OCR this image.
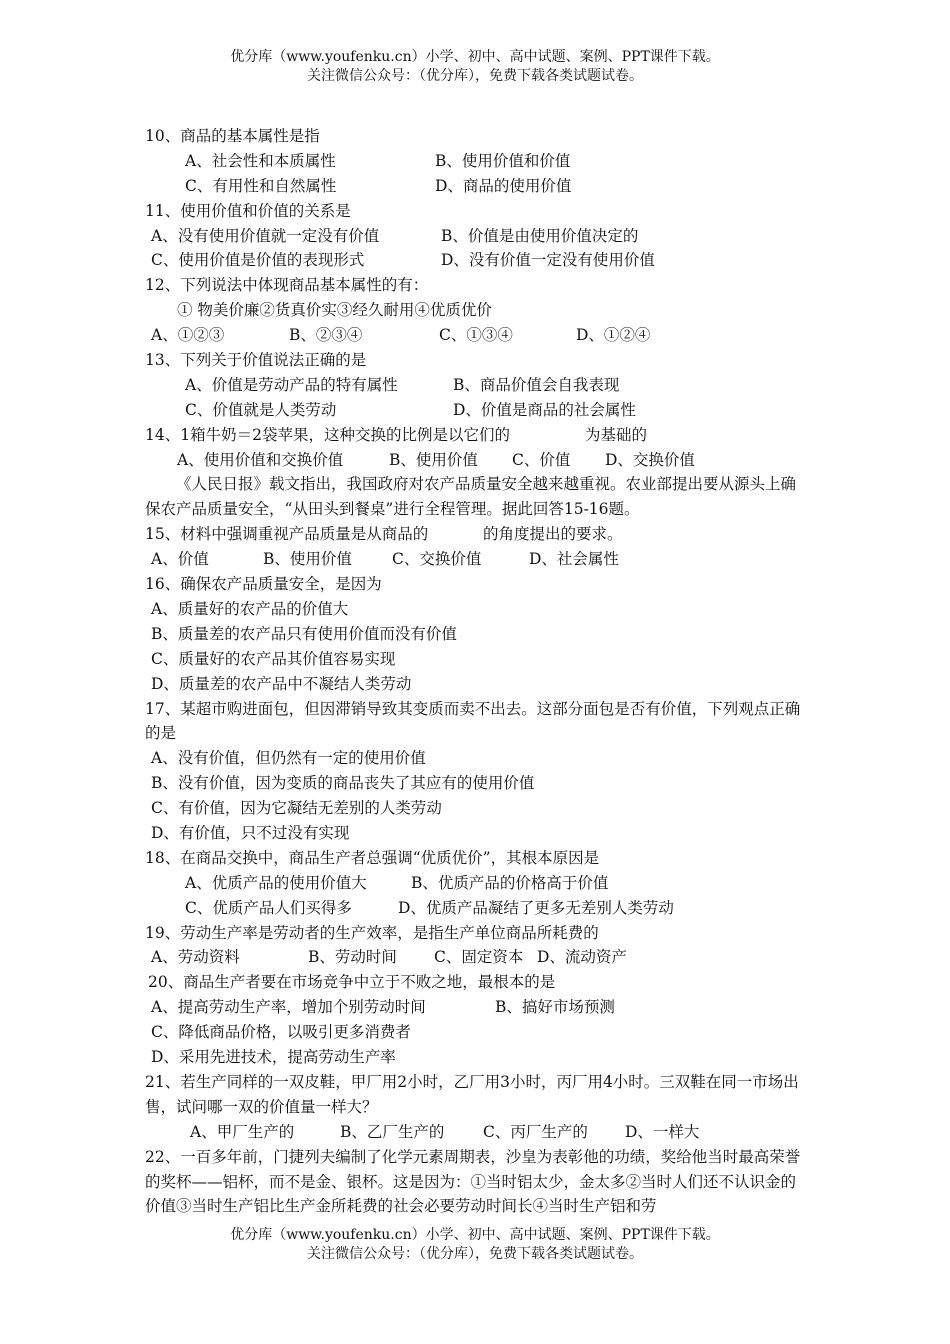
优分库（www.youfenku.cn）小学、初中、高中试题、案例、PPT课件下载。
关注微信公众号：（优分库），免费下载各类试题试卷。
10、商品的基本属性是指
A、社会性和本质属性	B、使用价值和价值
C、有用性和自然属性	D、商品的使用价值
11、使用价值和价值的关系是
A、没有使用价值就一定没有价值	B、价值是由使用价值决定的
C、使用价值是价值的表现形式	D、没有价值一定没有使用价值
12、下列说法中体现商品基本属性的有：
① 物美价廉②货真价实③经久耐用④优质优价
A、①②③	B、②③④	C、①③④	D、①②④
13、下列关于价值说法正确的是
A、价值是劳动产品的特有属性	B、商品价值会自我表现
C、价值就是人类劳动	D、价值是商品的社会属性
14、1箱牛奶＝2袋苹果，这种交换的比例是以它们的	为基础的
A、使用价值和交换价值	B、使用价值 C、价值 D、交换价值
《人民日报》载文指出，我国政府对农产品质量安全越来越重视。农业部提出要从源头上确保农产品质量安全，“从田头到餐桌”进行全程管理。据此回答15-16题。
15、材料中强调重视产品质量是从商品的	的角度提出的要求。
A、价值	B、使用价值	C、交换价值	D、社会属性
16、确保农产品质量安全，是因为
A、质量好的农产品的价值大
B、质量差的农产品只有使用价值而没有价值
C、质量好的农产品其价值容易实现
D、质量差的农产品中不凝结人类劳动
17、某超市购进面包，但因滞销导致其变质而卖不出去。这部分面包是否有价值，下列观点正确的是
A、没有价值，但仍然有一定的使用价值
B、没有价值，因为变质的商品丧失了其应有的使用价值
C、有价值，因为它凝结无差别的人类劳动
D、有价值，只不过没有实现
18、在商品交换中，商品生产者总强调“优质优价”，其根本原因是
A、优质产品的使用价值大	B、优质产品的价格高于价值
C、优质产品人们买得多	D、优质产品凝结了更多无差别人类劳动
19、劳动生产率是劳动者的生产效率，是指生产单位商品所耗费的
A、劳动资料	B、劳动时间 C、固定资本 D、流动资产
20、商品生产者要在市场竞争中立于不败之地，最根本的是
A、提高劳动生产率，增加个别劳动时间	B、搞好市场预测
C、降低商品价格，以吸引更多消费者
D、采用先进技术，提高劳动生产率
21、若生产同样的一双皮鞋，甲厂用2小时，乙厂用3小时，丙厂用4小时。三双鞋在同一市场出售，试问哪一双的价值量一样大？
A、甲厂生产的	B、乙厂生产的 C、丙厂生产的 D、一样大
22、一百多年前，门捷列夫编制了化学元素周期表，沙皇为表彰他的功绩，奖给他当时最高荣誉的奖杯——铝杯，而不是金、银杯。这是因为：①当时铝太少，金太多②当时人们还不认识金的价值③当时生产铝比生产金所耗费的社会必要劳动时间长④当时生产铝和劳
优分库（www.youfenku.cn）小学、初中、高中试题、案例、PPT课件下载。
关注微信公众号：（优分库），免费下载各类试题试卷。
